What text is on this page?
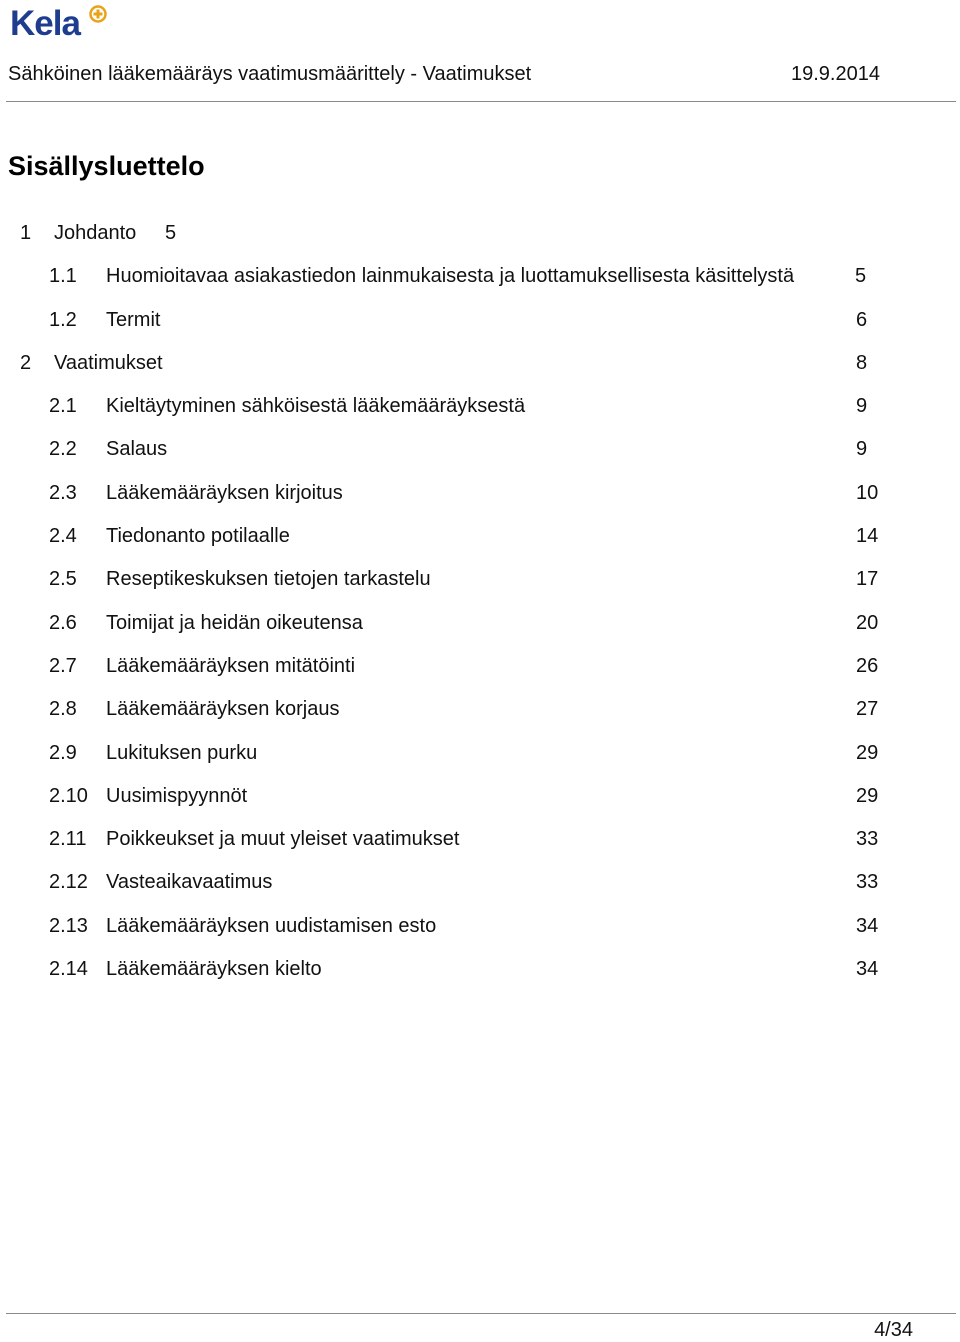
Kela
Sähköinen lääkemääräys vaatimusmäärittely - Vaatimukset	19.9.2014
Sisällysluettelo
1 Johdanto 5
1.1 Huomioitavaa asiakastiedon lainmukaisesta ja luottamuksellisesta käsittelystä	5
1.2 Termit	6
2 Vaatimukset	8
2.1 Kieltäytyminen sähköisestä lääkemääräyksestä	9
2.2 Salaus	9
2.3 Lääkemääräyksen kirjoitus	10
2.4 Tiedonanto potilaalle	14
2.5 Reseptikeskuksen tietojen tarkastelu	17
2.6 Toimijat ja heidän oikeutensa	20
2.7 Lääkemääräyksen mitätöinti	26
2.8 Lääkemääräyksen korjaus	27
2.9 Lukituksen purku	29
2.10 Uusimispyynnöt	29
2.11 Poikkeukset ja muut yleiset vaatimukset	33
2.12 Vasteaikavaatimus	33
2.13 Lääkemääräyksen uudistamisen esto	34
2.14 Lääkemääräyksen kielto	34
4/34
